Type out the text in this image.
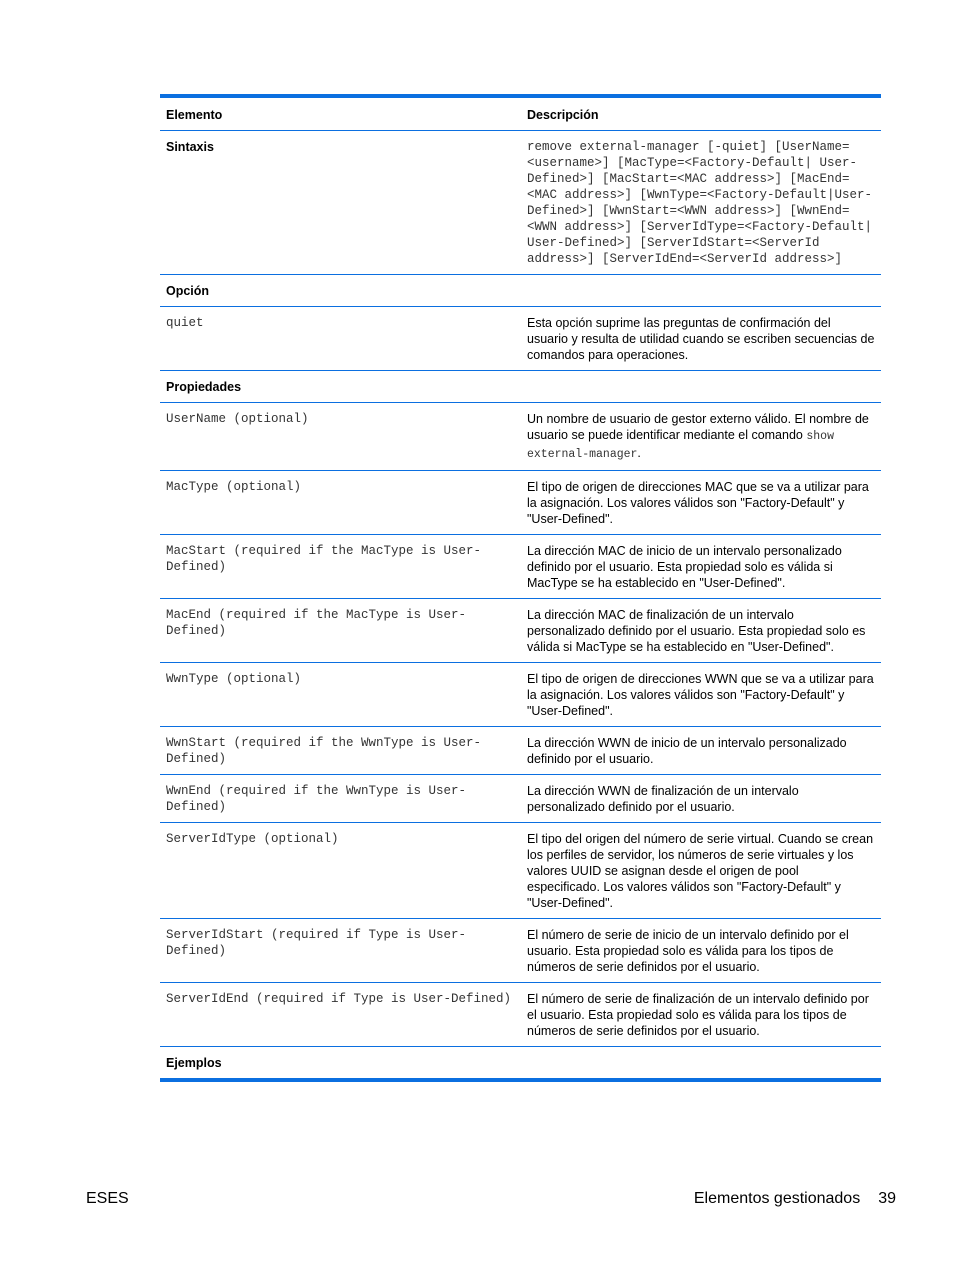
Elemento	Descripción
Sintaxis	remove external-manager [-quiet] [UserName=<username>] [MacType=<Factory-Default| User-Defined>] [MacStart=<MAC address>] [MacEnd=<MAC address>] [WwnType=<Factory-Default|User-Defined>] [WwnStart=<WWN address>] [WwnEnd=<WWN address>] [ServerIdType=<Factory-Default| User-Defined>] [ServerIdStart=<ServerId address>] [ServerIdEnd=<ServerId address>]
Opción	
quiet	Esta opción suprime las preguntas de confirmación del usuario y resulta de utilidad cuando se escriben secuencias de comandos para operaciones.
Propiedades	
UserName (optional)	Un nombre de usuario de gestor externo válido. El nombre de usuario se puede identificar mediante el comando show external-manager.
MacType (optional)	El tipo de origen de direcciones MAC que se va a utilizar para la asignación. Los valores válidos son "Factory-Default" y "User-Defined".
MacStart (required if the MacType is User-Defined)	La dirección MAC de inicio de un intervalo personalizado definido por el usuario. Esta propiedad solo es válida si MacType se ha establecido en "User-Defined".
MacEnd (required if the MacType is User-Defined)	La dirección MAC de finalización de un intervalo personalizado definido por el usuario. Esta propiedad solo es válida si MacType se ha establecido en "User-Defined".
WwnType (optional)	El tipo de origen de direcciones WWN que se va a utilizar para la asignación. Los valores válidos son "Factory-Default" y "User-Defined".
WwnStart (required if the WwnType is User-Defined)	La dirección WWN de inicio de un intervalo personalizado definido por el usuario.
WwnEnd (required if the WwnType is User-Defined)	La dirección WWN de finalización de un intervalo personalizado definido por el usuario.
ServerIdType (optional)	El tipo del origen del número de serie virtual. Cuando se crean los perfiles de servidor, los números de serie virtuales y los valores UUID se asignan desde el origen de pool especificado. Los valores válidos son "Factory-Default" y "User-Defined".
ServerIdStart (required if Type is User-Defined)	El número de serie de inicio de un intervalo definido por el usuario. Esta propiedad solo es válida para los tipos de números de serie definidos por el usuario.
ServerIdEnd (required if Type is User-Defined)	El número de serie de finalización de un intervalo definido por el usuario. Esta propiedad solo es válida para los tipos de números de serie definidos por el usuario.
Ejemplos	
ESES	Elementos gestionados 39
